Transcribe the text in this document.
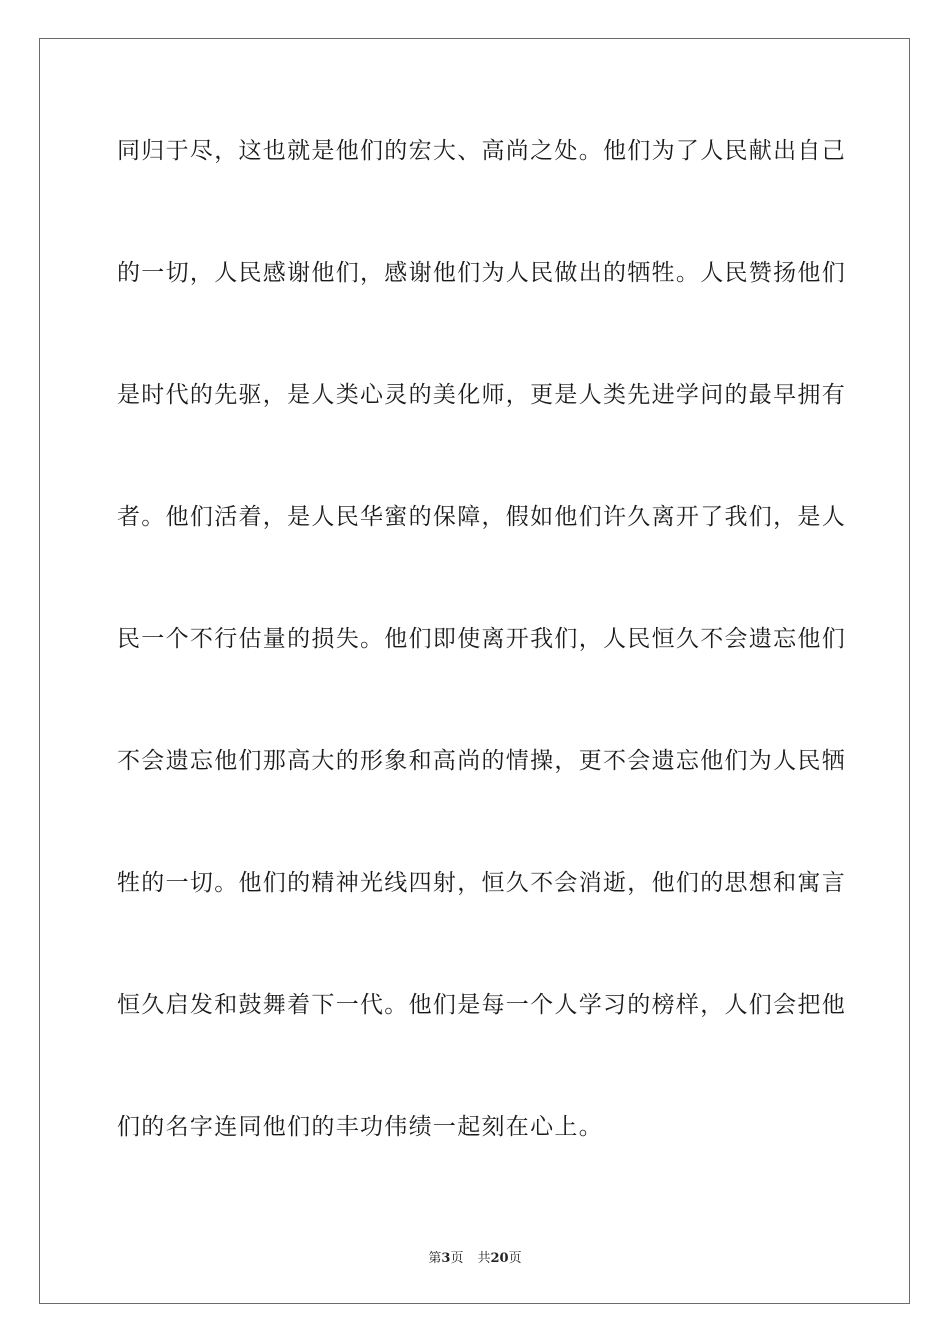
同归于尽，这也就是他们的宏大、高尚之处。他们为了人民献出自己
的一切，人民感谢他们，感谢他们为人民做出的牺牲。人民赞扬他们
是时代的先驱，是人类心灵的美化师，更是人类先进学问的最早拥有
者。他们活着，是人民华蜜的保障，假如他们许久离开了我们，是人
民一个不行估量的损失。他们即使离开我们，人民恒久不会遗忘他们
不会遗忘他们那高大的形象和高尚的情操，更不会遗忘他们为人民牺
牲的一切。他们的精神光线四射，恒久不会消逝，他们的思想和寓言
恒久启发和鼓舞着下一代。他们是每一个人学习的榜样，人们会把他
们的名字连同他们的丰功伟绩一起刻在心上。
第3页 共20页
